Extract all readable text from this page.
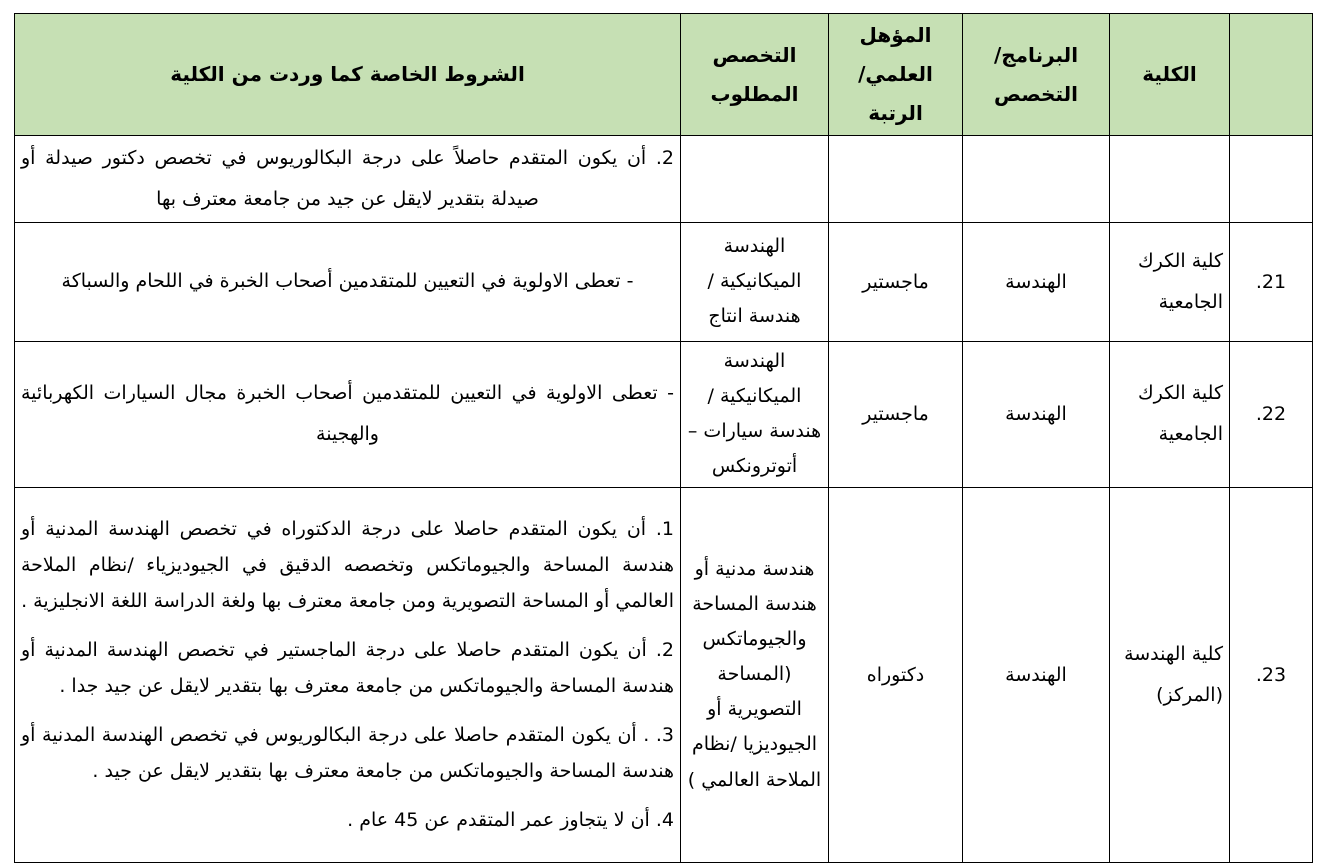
	الكلية	البرنامج/ التخصص	المؤهل العلمي/الرتبة	التخصص المطلوب	الشروط الخاصة كما وردت من الكلية
					2. أن يكون المتقدم حاصلاً على درجة البكالوريوس في تخصص دكتور صيدلة أو صيدلة بتقدير لايقل عن جيد من جامعة معترف بها
21.	كلية الكرك الجامعية	الهندسة	ماجستير	الهندسة الميكانيكية / هندسة انتاج	- تعطى الاولوية في التعيين للمتقدمين أصحاب الخبرة في اللحام والسباكة
22.	كلية الكرك الجامعية	الهندسة	ماجستير	الهندسة الميكانيكية / هندسة سيارات – أتوترونكس	- تعطى الاولوية في التعيين للمتقدمين أصحاب الخبرة مجال السيارات الكهربائية والهجينة
23.	كلية الهندسة (المركز)	الهندسة	دكتوراه	هندسة مدنية أو هندسة المساحة والجيوماتكس (المساحة التصويرية أو الجيوديزيا /نظام الملاحة العالمي )	1. أن يكون المتقدم حاصلا على درجة الدكتوراه في تخصص الهندسة المدنية أو هندسة المساحة والجيوماتكس وتخصصه الدقيق في الجيوديزياء /نظام الملاحة العالمي أو المساحة التصويرية ومن جامعة معترف بها ولغة الدراسة اللغة الانجليزية .

2. أن يكون المتقدم حاصلا على درجة الماجستير في تخصص الهندسة المدنية أو هندسة المساحة والجيوماتكس من جامعة معترف بها بتقدير لايقل عن جيد جدا .

3. . أن يكون المتقدم حاصلا على درجة البكالوريوس في تخصص الهندسة المدنية أو هندسة المساحة والجيوماتكس من جامعة معترف بها بتقدير لايقل عن جيد .

4. أن لا يتجاوز عمر المتقدم عن 45 عام .
